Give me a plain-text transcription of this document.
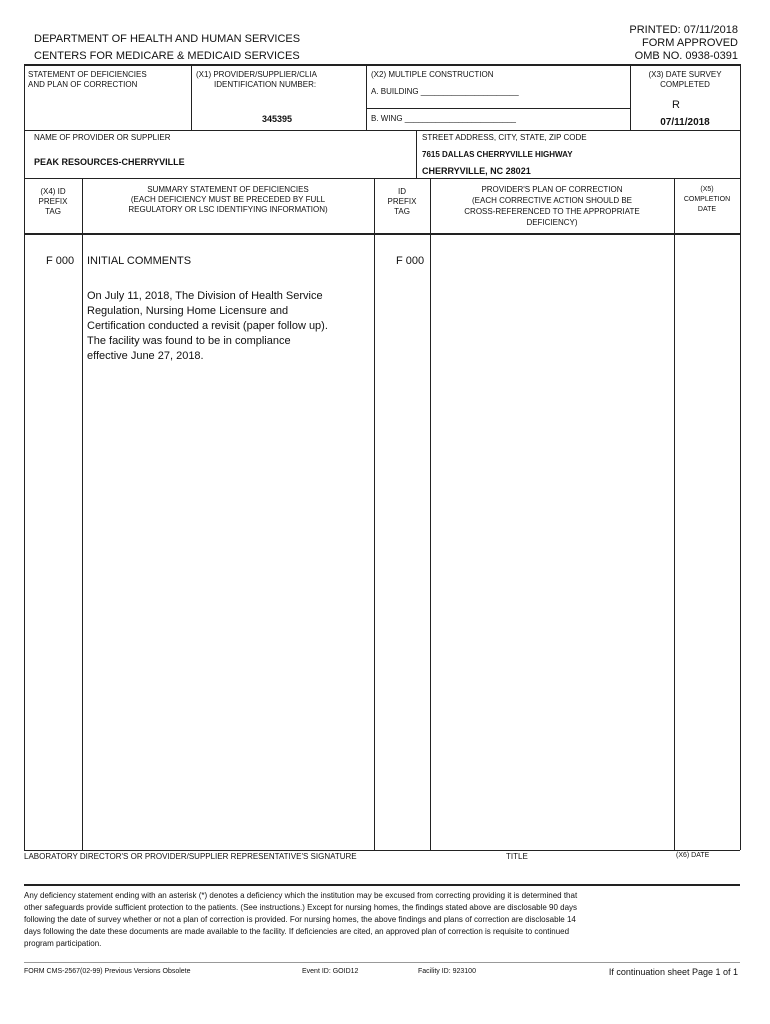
DEPARTMENT OF HEALTH AND HUMAN SERVICES
CENTERS FOR MEDICARE & MEDICAID SERVICES
PRINTED: 07/11/2018
FORM APPROVED
OMB NO. 0938-0391
STATEMENT OF DEFICIENCIES
AND PLAN OF CORRECTION
(X1) PROVIDER/SUPPLIER/CLIA
IDENTIFICATION NUMBER:
345395
(X2) MULTIPLE CONSTRUCTION
A. BUILDING ______________________
B. WING _________________________
(X3) DATE SURVEY
COMPLETED
R
07/11/2018
NAME OF PROVIDER OR SUPPLIER
PEAK RESOURCES-CHERRYVILLE
STREET ADDRESS, CITY, STATE, ZIP CODE
7615 DALLAS CHERRYVILLE HIGHWAY
CHERRYVILLE, NC 28021
(X4) ID
PREFIX
TAG
SUMMARY STATEMENT OF DEFICIENCIES
(EACH DEFICIENCY MUST BE PRECEDED BY FULL
REGULATORY OR LSC IDENTIFYING INFORMATION)
ID
PREFIX
TAG
PROVIDER'S PLAN OF CORRECTION
(EACH CORRECTIVE ACTION SHOULD BE
CROSS-REFERENCED TO THE APPROPRIATE
DEFICIENCY)
(X5)
COMPLETION
DATE
F 000 INITIAL COMMENTS	F 000
On July 11, 2018, The Division of Health Service
Regulation, Nursing Home Licensure and
Certification conducted a revisit (paper follow up).
The facility was found to be in compliance
effective June 27, 2018.
LABORATORY DIRECTOR'S OR PROVIDER/SUPPLIER REPRESENTATIVE'S SIGNATURE	TITLE	(X6) DATE
Any deficiency statement ending with an asterisk (*) denotes a deficiency which the institution may be excused from correcting providing it is determined that
other safeguards provide sufficient protection to the patients. (See instructions.) Except for nursing homes, the findings stated above are disclosable 90 days
following the date of survey whether or not a plan of correction is provided. For nursing homes, the above findings and plans of correction are disclosable 14
days following the date these documents are made available to the facility. If deficiencies are cited, an approved plan of correction is requisite to continued
program participation.
FORM CMS-2567(02-99) Previous Versions Obsolete	Event ID: GOID12	Facility ID: 923100	If continuation sheet Page 1 of 1
